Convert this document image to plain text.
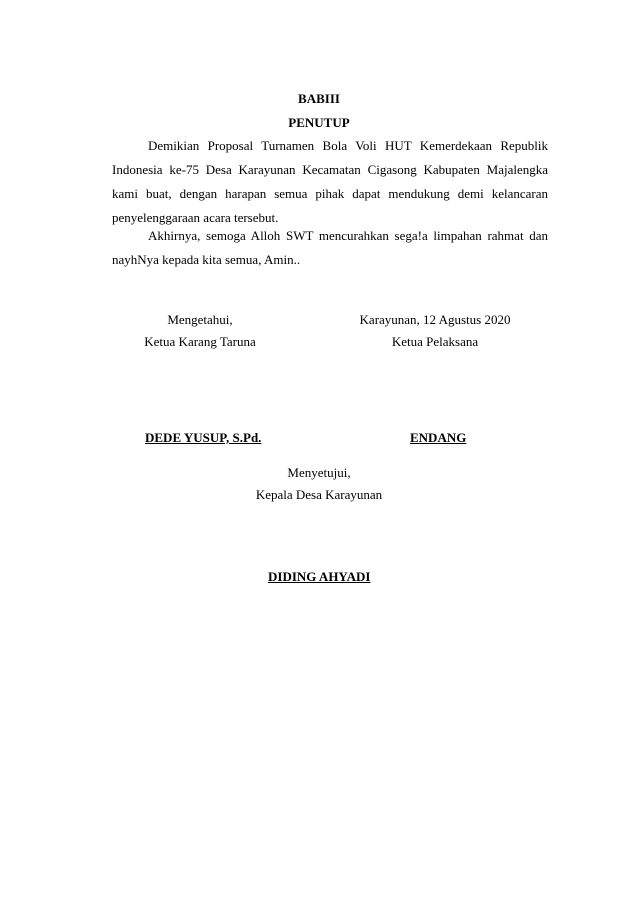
BABIII
PENUTUP
Demikian Proposal Turnamen Bola Voli HUT Kemerdekaan Republik
Indonesia ke-75 Desa Karayunan Kecamatan Cigasong Kabupaten Majalengka
kami buat, dengan harapan semua pihak dapat mendukung demi kelancaran
penyelenggaraan acara tersebut.
Akhirnya, semoga Alloh SWT mencurahkan sega!a limpahan rahmat dan
nayhNya kepada kita semua, Amin..
Mengetahui,
Ketua Karang Taruna
Karayunan, 12 Agustus 2020
Ketua Pelaksana
DEDE YUSUP, S.Pd.	ENDANG
Menyetujui,
Kepala Desa Karayunan
DIDING AHYADI
